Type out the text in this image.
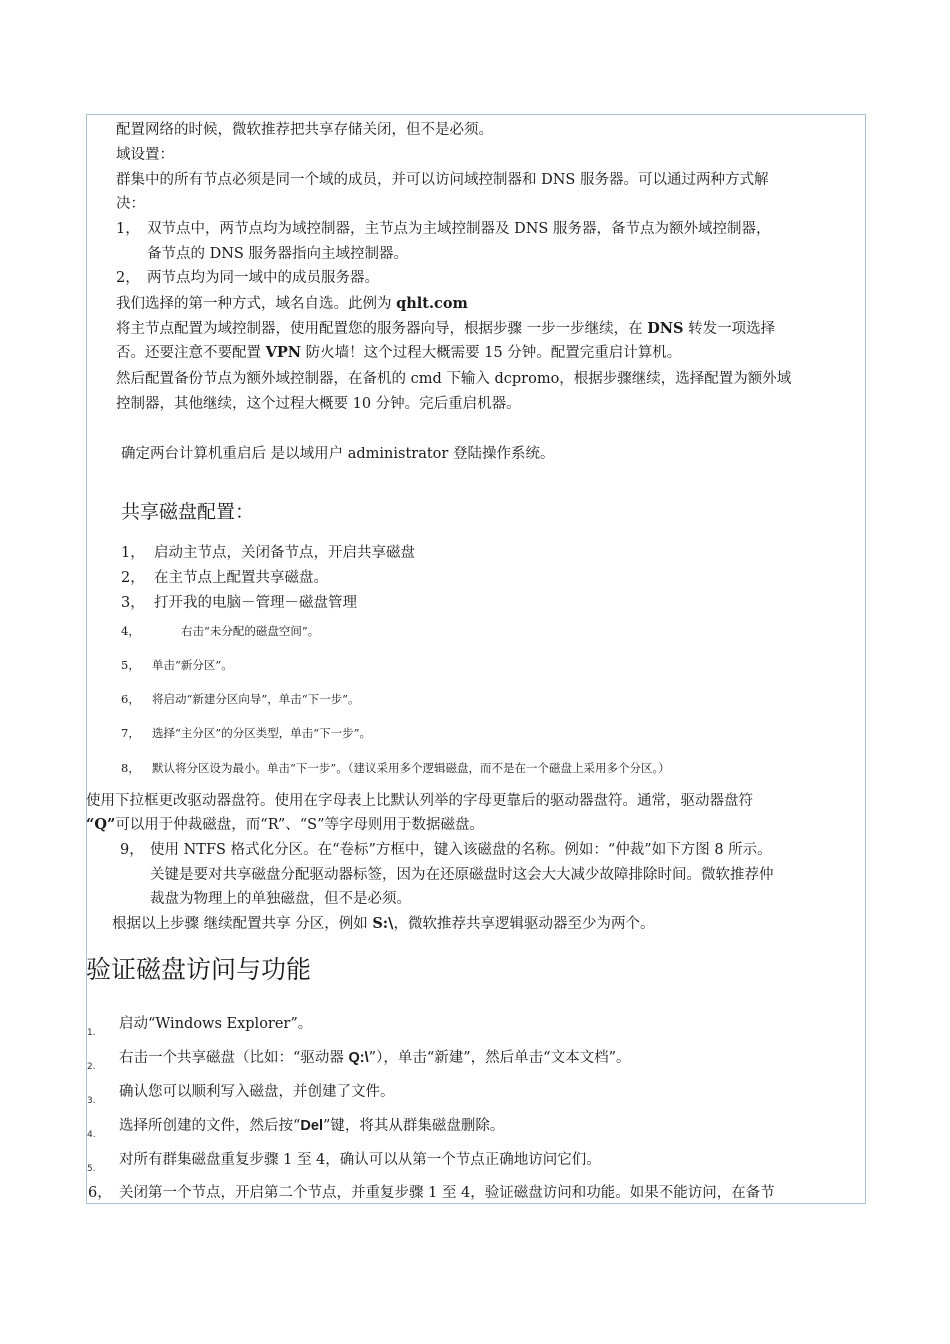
配置网络的时候，微软推荐把共享存储关闭，但不是必须。
域设置：
群集中的所有节点必须是同一个域的成员，并可以访问域控制器和 DNS 服务器。可以通过两种方式解
决：
1， 双节点中，两节点均为域控制器，主节点为主域控制器及 DNS 服务器，备节点为额外域控制器，
备节点的 DNS 服务器指向主域控制器。
2， 两节点均为同一域中的成员服务器。
我们选择的第一种方式，域名自选。此例为 qhlt.com
将主节点配置为域控制器，使用配置您的服务器向导，根据步骤 一步一步继续，在 DNS 转发一项选择
否。还要注意不要配置 VPN 防火墙！这个过程大概需要 15 分钟。配置完重启计算机。
然后配置备份节点为额外域控制器，在备机的 cmd 下输入 dcpromo，根据步骤继续，选择配置为额外域
控制器，其他继续，这个过程大概要 10 分钟。完后重启机器。
确定两台计算机重启后 是以域用户 administrator 登陆操作系统。
共享磁盘配置：
1， 启动主节点，关闭备节点，开启共享磁盘
2， 在主节点上配置共享磁盘。
3， 打开我的电脑－管理－磁盘管理
4，	右击“未分配的磁盘空间”。
5， 单击“新分区”。
6， 将启动“新建分区向导”，单击“下一步”。
7， 选择“主分区”的分区类型，单击“下一步”。
8， 默认将分区设为最小。单击“下一步”。（建议采用多个逻辑磁盘，而不是在一个磁盘上采用多个分区。）
使用下拉框更改驱动器盘符。使用在字母表上比默认列举的字母更靠后的驱动器盘符。通常，驱动器盘符
“Q”可以用于仲裁磁盘，而“R”、“S”等字母则用于数据磁盘。
9， 使用 NTFS 格式化分区。在“卷标”方框中，键入该磁盘的名称。例如：“仲裁”如下方图 8 所示。
关键是要对共享磁盘分配驱动器标签，因为在还原磁盘时这会大大减少故障排除时间。微软推荐仲
裁盘为物理上的单独磁盘，但不是必须。
根据以上步骤 继续配置共享 分区，例如 S:\，微软推荐共享逻辑驱动器至少为两个。
验证磁盘访问与功能
1.
启动“Windows Explorer”。
2.
右击一个共享磁盘（比如：“驱动器 Q:\”），单击“新建”，然后单击“文本文档”。
3.
确认您可以顺利写入磁盘，并创建了文件。
4.
选择所创建的文件，然后按“Del”键，将其从群集磁盘删除。
5.
对所有群集磁盘重复步骤 1 至 4，确认可以从第一个节点正确地访问它们。
6， 关闭第一个节点，开启第二个节点，并重复步骤 1 至 4，验证磁盘访问和功能。如果不能访问，在备节
